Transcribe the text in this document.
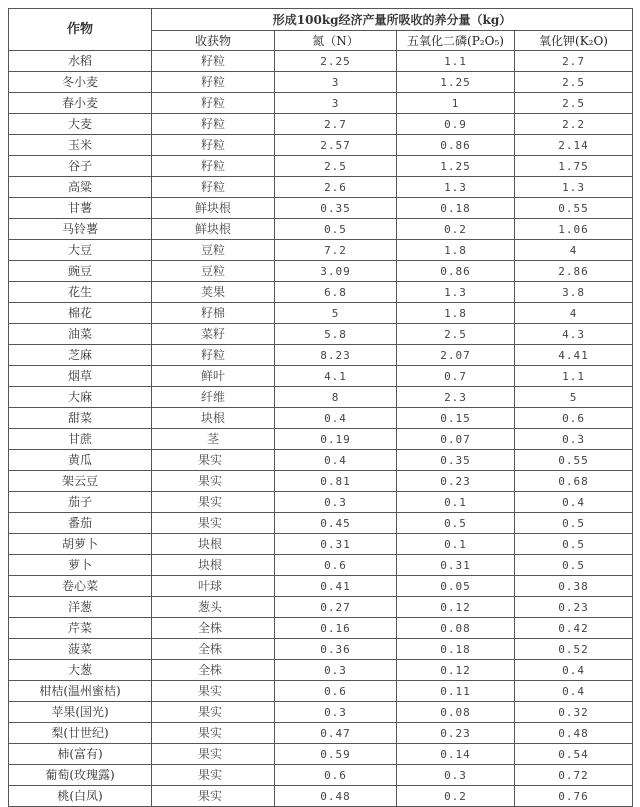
作物	形成100kg经济产量所吸收的养分量（kg）			
	收获物	氮（N）	五氧化二磷(P₂O₅)	氧化钾(K₂O)
水稻	籽粒	2.25	1.1	2.7
冬小麦	籽粒	3	1.25	2.5
春小麦	籽粒	3	1	2.5
大麦	籽粒	2.7	0.9	2.2
玉米	籽粒	2.57	0.86	2.14
谷子	籽粒	2.5	1.25	1.75
高粱	籽粒	2.6	1.3	1.3
甘薯	鲜块根	0.35	0.18	0.55
马铃薯	鲜块根	0.5	0.2	1.06
大豆	豆粒	7.2	1.8	4
豌豆	豆粒	3.09	0.86	2.86
花生	荚果	6.8	1.3	3.8
棉花	籽棉	5	1.8	4
油菜	菜籽	5.8	2.5	4.3
芝麻	籽粒	8.23	2.07	4.41
烟草	鲜叶	4.1	0.7	1.1
大麻	纤维	8	2.3	5
甜菜	块根	0.4	0.15	0.6
甘蔗	茎	0.19	0.07	0.3
黄瓜	果实	0.4	0.35	0.55
架云豆	果实	0.81	0.23	0.68
茄子	果实	0.3	0.1	0.4
番茄	果实	0.45	0.5	0.5
胡萝卜	块根	0.31	0.1	0.5
萝卜	块根	0.6	0.31	0.5
卷心菜	叶球	0.41	0.05	0.38
洋葱	葱头	0.27	0.12	0.23
芹菜	全株	0.16	0.08	0.42
菠菜	全株	0.36	0.18	0.52
大葱	全株	0.3	0.12	0.4
柑桔(温州蜜桔)	果实	0.6	0.11	0.4
苹果(国光)	果实	0.3	0.08	0.32
梨(廿世纪)	果实	0.47	0.23	0.48
柿(富有)	果实	0.59	0.14	0.54
葡萄(玫瑰露)	果实	0.6	0.3	0.72
桃(白凤)	果实	0.48	0.2	0.76
